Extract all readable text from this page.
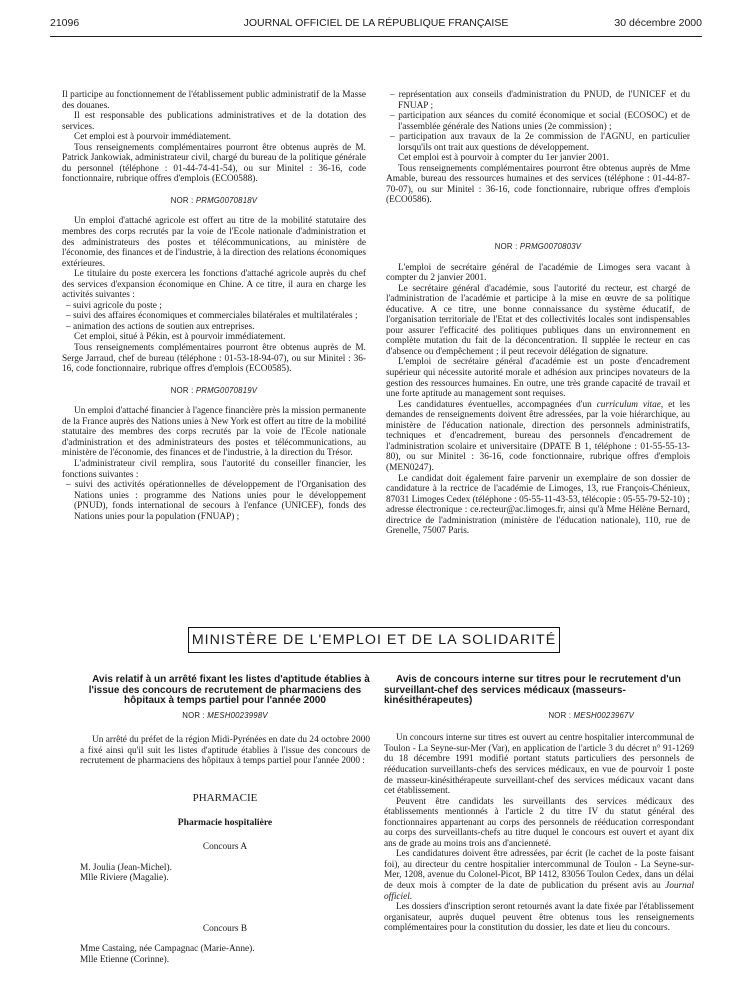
21096	JOURNAL OFFICIEL DE LA RÉPUBLIQUE FRANÇAISE	30 décembre 2000

Il participe au fonctionnement de l'établissement public administratif de la Masse des douanes.

Il est responsable des publications administratives et de la dotation des services.

Cet emploi est à pourvoir immédiatement.

Tous renseignements complémentaires pourront être obtenus auprès de M. Patrick Jankowiak, administrateur civil, chargé du bureau de la politique générale du personnel (téléphone : 01-44-74-41-54), ou sur Minitel : 36-16, code fonctionnaire, rubrique offres d'emplois (ECO0588).

NOR : PRMG0070818V

Un emploi d'attaché agricole est offert au titre de la mobilité statutaire des membres des corps recrutés par la voie de l'Ecole nationale d'administration et des administrateurs des postes et télécommunications, au ministère de l'économie, des finances et de l'industrie, à la direction des relations économiques extérieures.

Le titulaire du poste exercera les fonctions d'attaché agricole auprès du chef des services d'expansion économique en Chine. A ce titre, il aura en charge les activités suivantes :

– suivi agricole du poste ;

– suivi des affaires économiques et commerciales bilatérales et multilatérales ;

– animation des actions de soutien aux entreprises.

Cet emploi, situé à Pékin, est à pourvoir immédiatement.

Tous renseignements complémentaires pourront être obtenus auprès de M. Serge Jarraud, chef de bureau (téléphone : 01-53-18-94-07), ou sur Minitel : 36-16, code fonctionnaire, rubrique offres d'emplois (ECO0585).

NOR : PRMG0070819V

Un emploi d'attaché financier à l'agence financière près la mission permanente de la France auprès des Nations unies à New York est offert au titre de la mobilité statutaire des membres des corps recrutés par la voie de l'Ecole nationale d'administration et des administrateurs des postes et télécommunications, au ministère de l'économie, des finances et de l'industrie, à la direction du Trésor.

L'administrateur civil remplira, sous l'autorité du conseiller financier, les fonctions suivantes :

– suivi des activités opérationnelles de développement de l'Organisation des Nations unies : programme des Nations unies pour le développement (PNUD), fonds international de secours à l'enfance (UNICEF), fonds des Nations unies pour la population (FNUAP) ;

– représentation aux conseils d'administration du PNUD, de l'UNICEF et du FNUAP ;

– participation aux séances du comité économique et social (ECOSOC) et de l'assemblée générale des Nations unies (2e commission) ;

– participation aux travaux de la 2e commission de l'AGNU, en particulier lorsqu'ils ont trait aux questions de développement.

Cet emploi est à pourvoir à compter du 1er janvier 2001.

Tous renseignements complémentaires pourront être obtenus auprès de Mme Amable, bureau des ressources humaines et des services (téléphone : 01-44-87-70-07), ou sur Minitel : 36-16, code fonctionnaire, rubrique offres d'emplois (ECO0586).

NOR : PRMG0070803V

L'emploi de secrétaire général de l'académie de Limoges sera vacant à compter du 2 janvier 2001.

Le secrétaire général d'académie, sous l'autorité du recteur, est chargé de l'administration de l'académie et participe à la mise en œuvre de sa politique éducative. A ce titre, une bonne connaissance du système éducatif, de l'organisation territoriale de l'Etat et des collectivités locales sont indispensables pour assurer l'efficacité des politiques publiques dans un environnement en complète mutation du fait de la déconcentration. Il supplée le recteur en cas d'absence ou d'empêchement ; il peut recevoir délégation de signature.

L'emploi de secrétaire général d'académie est un poste d'encadrement supérieur qui nécessite autorité morale et adhésion aux principes novateurs de la gestion des ressources humaines. En outre, une très grande capacité de travail et une forte aptitude au management sont requises.

Les candidatures éventuelles, accompagnées d'un curriculum vitae, et les demandes de renseignements doivent être adressées, par la voie hiérarchique, au ministère de l'éducation nationale, direction des personnels administratifs, techniques et d'encadrement, bureau des personnels d'encadrement de l'administration scolaire et universitaire (DPATE B 1, téléphone : 01-55-55-13-80), ou sur Minitel : 36-16, code fonctionnaire, rubrique offres d'emplois (MEN0247).

Le candidat doit également faire parvenir un exemplaire de son dossier de candidature à la rectrice de l'académie de Limoges, 13, rue François-Chénieux, 87031 Limoges Cedex (téléphone : 05-55-11-43-53, télécopie : 05-55-79-52-10) ; adresse électronique : ce.recteur@ac.limoges.fr, ainsi qu'à Mme Hélène Bernard, directrice de l'administration (ministère de l'éducation nationale), 110, rue de Grenelle, 75007 Paris.

MINISTÈRE DE L'EMPLOI ET DE LA SOLIDARITÉ

Avis relatif à un arrêté fixant les listes d'aptitude établies à l'issue des concours de recrutement de pharmaciens des hôpitaux à temps partiel pour l'année 2000

NOR : MESH0023998V

Un arrêté du préfet de la région Midi-Pyrénées en date du 24 octobre 2000 a fixé ainsi qu'il suit les listes d'aptitude établies à l'issue des concours de recrutement de pharmaciens des hôpitaux à temps partiel pour l'année 2000 :

PHARMACIE

Pharmacie hospitalière

Concours A

M. Joulia (Jean-Michel).

Mlle Riviere (Magalie).

Concours B

Mme Castaing, née Campagnac (Marie-Anne).

Mlle Etienne (Corinne).

Avis de concours interne sur titres pour le recrutement d'un surveillant-chef des services médicaux (masseurs-kinésithérapeutes)

NOR : MESH0023967V

Un concours interne sur titres est ouvert au centre hospitalier intercommunal de Toulon - La Seyne-sur-Mer (Var), en application de l'article 3 du décret n° 91-1269 du 18 décembre 1991 modifié portant statuts particuliers des personnels de rééducation surveillants-chefs des services médicaux, en vue de pourvoir 1 poste de masseur-kinésithérapeute surveillant-chef des services médicaux vacant dans cet établissement.

Peuvent être candidats les surveillants des services médicaux des établissements mentionnés à l'article 2 du titre IV du statut général des fonctionnaires appartenant au corps des personnels de rééducation correspondant au corps des surveillants-chefs au titre duquel le concours est ouvert et ayant dix ans de grade au moins trois ans d'ancienneté.

Les candidatures doivent être adressées, par écrit (le cachet de la poste faisant foi), au directeur du centre hospitalier intercommunal de Toulon - La Seyne-sur-Mer, 1208, avenue du Colonel-Picot, BP 1412, 83056 Toulon Cedex, dans un délai de deux mois à compter de la date de publication du présent avis au Journal officiel.

Les dossiers d'inscription seront retournés avant la date fixée par l'établissement organisateur, auprès duquel peuvent être obtenus tous les renseignements complémentaires pour la constitution du dossier, les date et lieu du concours.
